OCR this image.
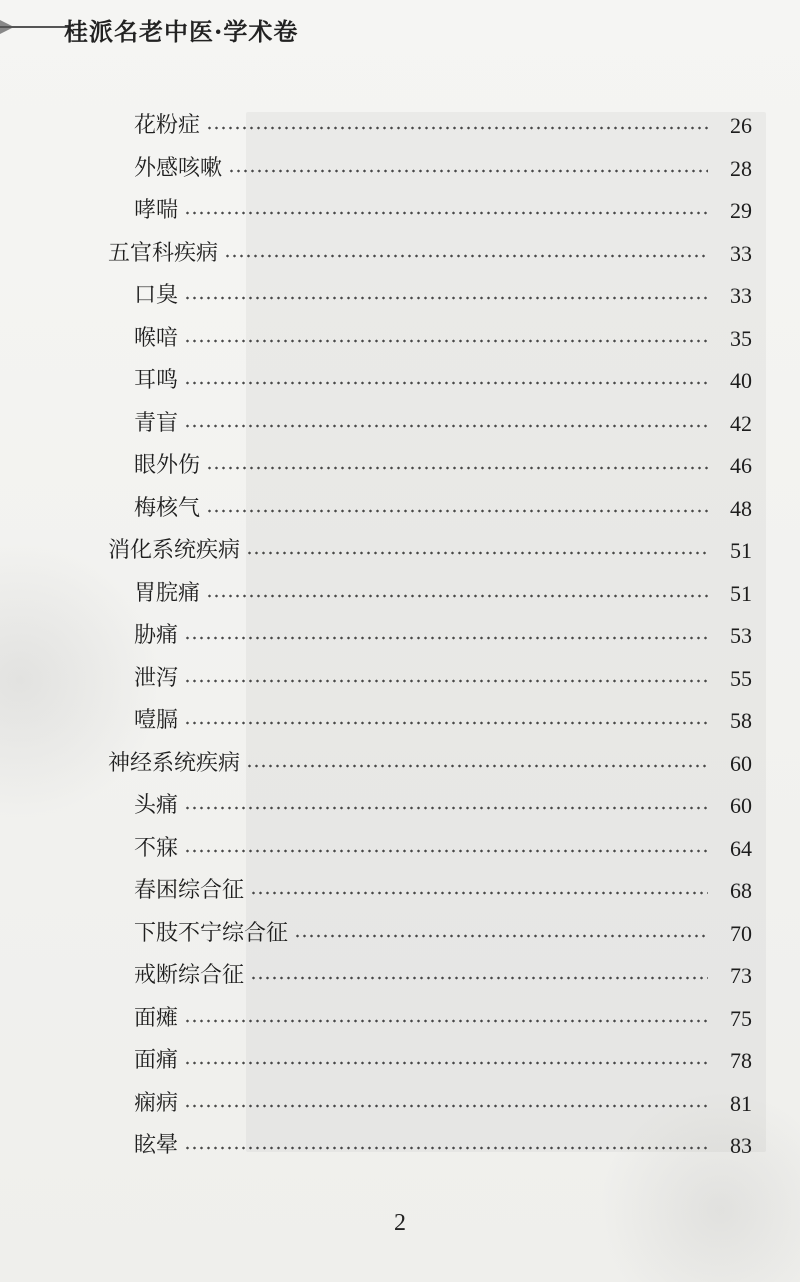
桂派名老中医·学术卷
花粉症	26
外感咳嗽	28
哮喘	29
五官科疾病	33
口臭	33
喉喑	35
耳鸣	40
青盲	42
眼外伤	46
梅核气	48
消化系统疾病	51
胃脘痛	51
胁痛	53
泄泻	55
噎膈	58
神经系统疾病	60
头痛	60
不寐	64
春困综合征	68
下肢不宁综合征	70
戒断综合征	73
面瘫	75
面痛	78
痫病	81
眩晕	83
2
